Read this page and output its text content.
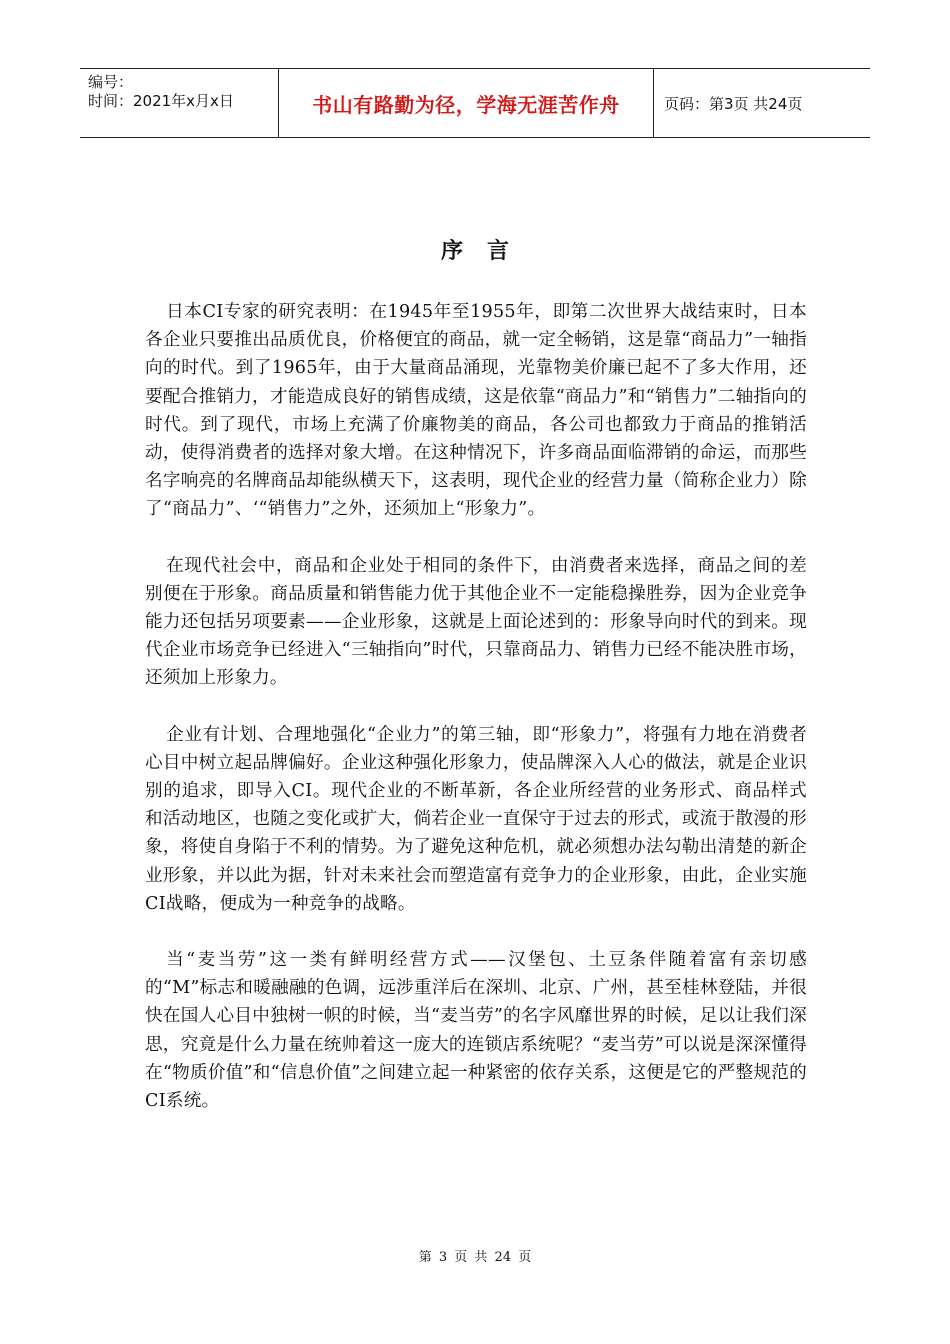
编号：
时间：2021年x月x日	书山有路勤为径，学海无涯苦作舟	页码：第3页 共24页
序言

日本CI专家的研究表明：在1945年至1955年，即第二次世界大战结束时，日本各企业只要推出品质优良，价格便宜的商品，就一定全畅销，这是靠“商品力”一轴指向的时代。到了1965年，由于大量商品涌现，光靠物美价廉已起不了多大作用，还要配合推销力，才能造成良好的销售成绩，这是依靠“商品力”和“销售力”二轴指向的时代。到了现代，市场上充满了价廉物美的商品，各公司也都致力于商品的推销活动，使得消费者的选择对象大增。在这种情况下，许多商品面临滞销的命运，而那些名字响亮的名牌商品却能纵横天下，这表明，现代企业的经营力量（简称企业力）除了“商品力”、‘“销售力”之外，还须加上“形象力”。

在现代社会中，商品和企业处于相同的条件下，由消费者来选择，商品之间的差别便在于形象。商品质量和销售能力优于其他企业不一定能稳操胜券，因为企业竞争能力还包括另项要素——企业形象，这就是上面论述到的：形象导向时代的到来。现代企业市场竞争已经进入“三轴指向”时代，只靠商品力、销售力已经不能决胜市场，还须加上形象力。

企业有计划、合理地强化“企业力”的第三轴，即“形象力”，将强有力地在消费者心目中树立起品牌偏好。企业这种强化形象力，使品牌深入人心的做法，就是企业识别的追求，即导入CI。现代企业的不断革新，各企业所经营的业务形式、商品样式和活动地区，也随之变化或扩大，倘若企业一直保守于过去的形式，或流于散漫的形象，将使自身陷于不利的情势。为了避免这种危机，就必须想办法勾勒出清楚的新企业形象，并以此为据，针对未来社会而塑造富有竞争力的企业形象，由此，企业实施CI战略，便成为一种竞争的战略。

当“麦当劳”这一类有鲜明经营方式——汉堡包、土豆条伴随着富有亲切感的“M”标志和暖融融的色调，远涉重洋后在深圳、北京、广州，甚至桂林登陆，并很快在国人心目中独树一帜的时候，当“麦当劳”的名字风靡世界的时候，足以让我们深思，究竟是什么力量在统帅着这一庞大的连锁店系统呢？“麦当劳”可以说是深深懂得在“物质价值”和“信息价值”之间建立起一种紧密的依存关系，这便是它的严整规范的CI系统。

第 3 页 共 24 页
